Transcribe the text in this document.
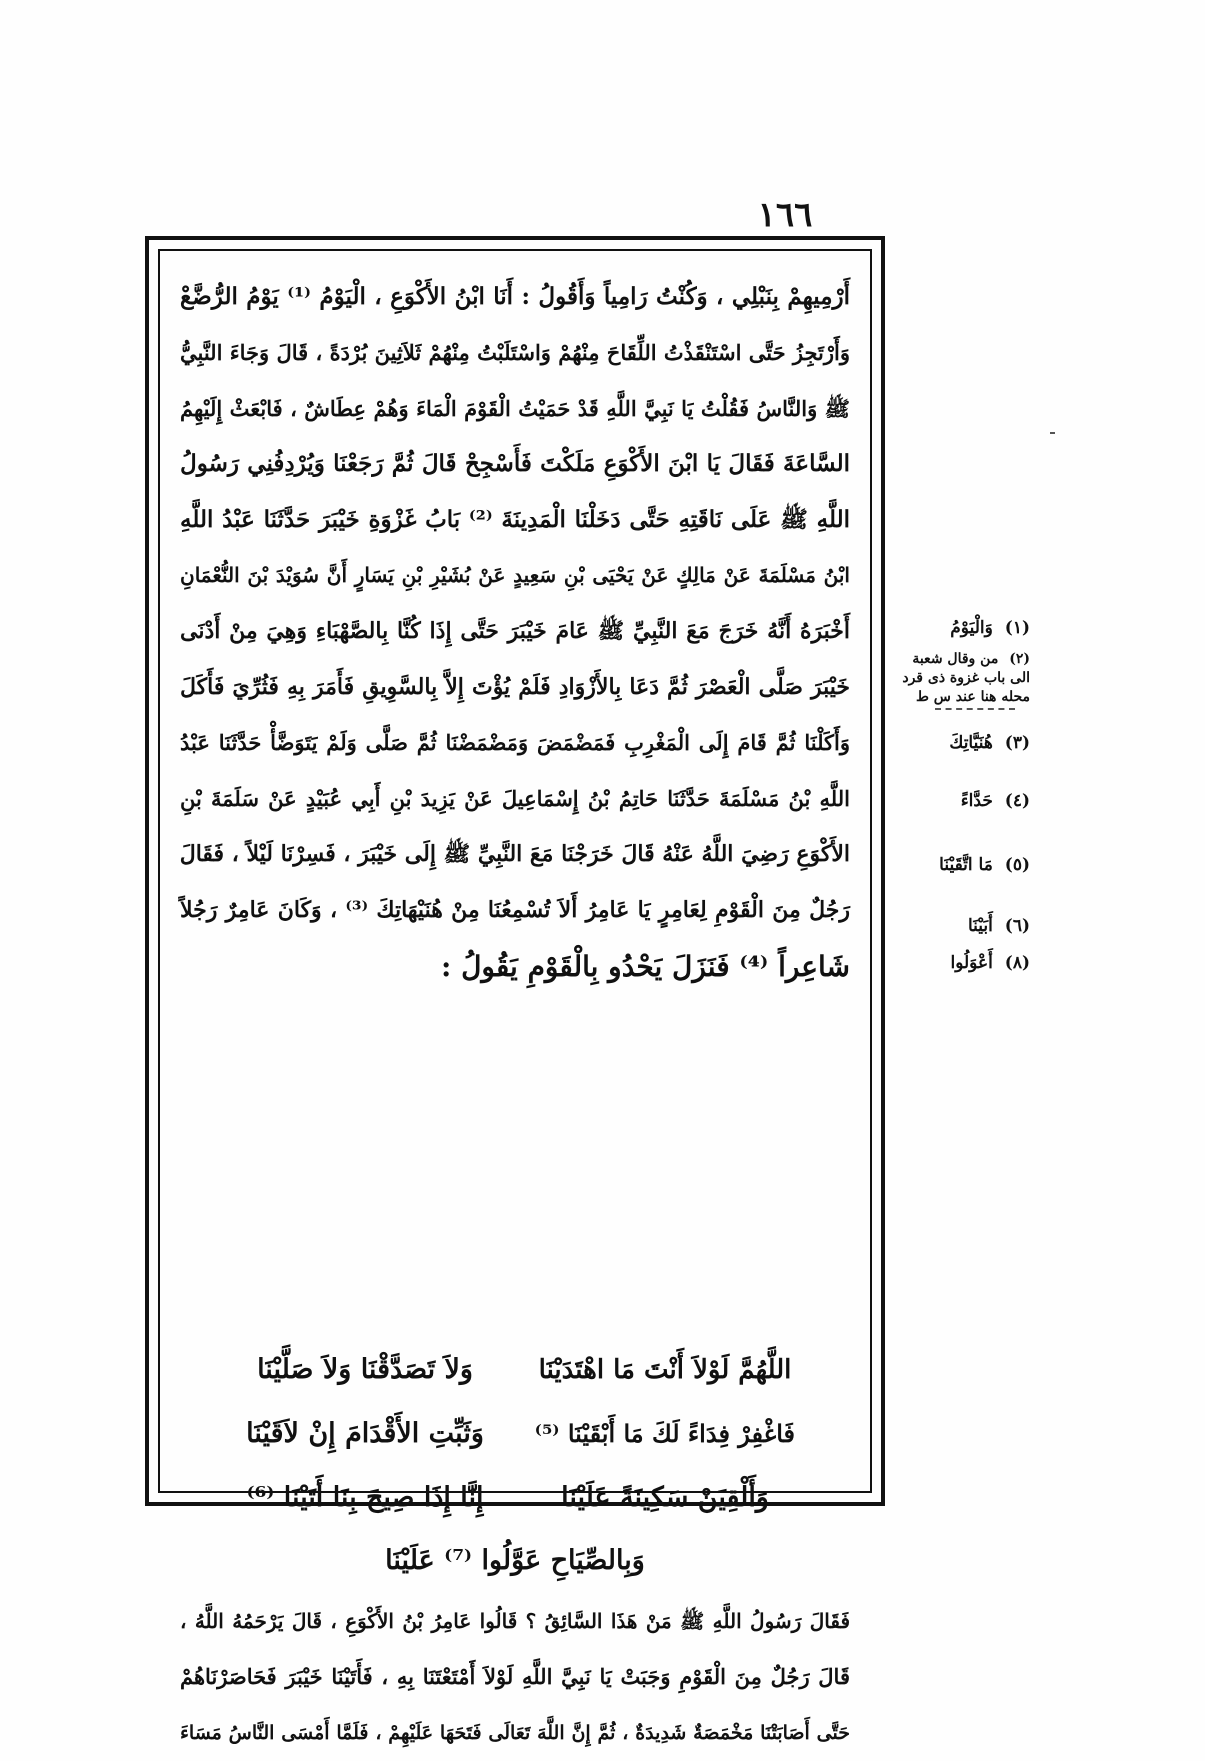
١٦٦
أَرْمِيهِمْ بِنَبْلِي ، وَكُنْتُ رَامِياً وَأَقُولُ : أَنَا ابْنُ الأَكْوَعِ ، الْيَوْمُ ⁽¹⁾ يَوْمُ الرُّضَّعْ
وَأَرْتَجِزُ حَتَّى اسْتَنْقَذْتُ اللِّقَاحَ مِنْهُمْ وَاسْتَلَبْتُ مِنْهُمْ ثَلاَثِينَ بُرْدَةً ، قَالَ وَجَاءَ النَّبِيُّ
ﷺ وَالنَّاسُ فَقُلْتُ يَا نَبِيَّ اللَّهِ قَدْ حَمَيْتُ الْقَوْمَ الْمَاءَ وَهُمْ عِطَاشٌ ، فَابْعَثْ إِلَيْهِمُ
السَّاعَةَ فَقَالَ يَا ابْنَ الأَكْوَعِ مَلَكْتَ فَأَسْجِحْ قَالَ ثُمَّ رَجَعْنَا وَيُرْدِفُنِي رَسُولُ
اللَّهِ ﷺ عَلَى نَاقَتِهِ حَتَّى دَخَلْنَا الْمَدِينَةَ ⁽²⁾ بَابُ غَزْوَةِ خَيْبَرَ حَدَّثَنَا عَبْدُ اللَّهِ
ابْنُ مَسْلَمَةَ عَنْ مَالِكٍ عَنْ يَحْيَى بْنِ سَعِيدٍ عَنْ بُشَيْرِ بْنِ يَسَارٍ أَنَّ سُوَيْدَ بْنَ النُّعْمَانِ
أَخْبَرَهُ أَنَّهُ خَرَجَ مَعَ النَّبِيِّ ﷺ عَامَ خَيْبَرَ حَتَّى إِذَا كُنَّا بِالصَّهْبَاءِ وَهِيَ مِنْ أَدْنَى
خَيْبَرَ صَلَّى الْعَصْرَ ثُمَّ دَعَا بِالأَزْوَادِ فَلَمْ يُؤْتَ إِلاَّ بِالسَّوِيقِ فَأَمَرَ بِهِ فَثُرِّيَ فَأَكَلَ
وَأَكَلْنَا ثُمَّ قَامَ إِلَى الْمَغْرِبِ فَمَضْمَضَ وَمَضْمَضْنَا ثُمَّ صَلَّى وَلَمْ يَتَوَضَّأْ حَدَّثَنَا عَبْدُ
اللَّهِ بْنُ مَسْلَمَةَ حَدَّثَنَا حَاتِمُ بْنُ إِسْمَاعِيلَ عَنْ يَزِيدَ بْنِ أَبِي عُبَيْدٍ عَنْ سَلَمَةَ بْنِ
الأَكْوَعِ رَضِيَ اللَّهُ عَنْهُ قَالَ خَرَجْنَا مَعَ النَّبِيِّ ﷺ إِلَى خَيْبَرَ ، فَسِرْنَا لَيْلاً ، فَقَالَ
رَجُلٌ مِنَ الْقَوْمِ لِعَامِرٍ يَا عَامِرُ أَلاَ تُسْمِعُنَا مِنْ هُنَيْهَاتِكَ ⁽³⁾ ، وَكَانَ عَامِرٌ رَجُلاً
شَاعِراً ⁽⁴⁾ فَنَزَلَ يَحْدُو بِالْقَوْمِ يَقُولُ :
اللَّهُمَّ لَوْلاَ أَنْتَ مَا اهْتَدَيْنَا
وَلاَ تَصَدَّقْنَا وَلاَ صَلَّيْنَا
فَاغْفِرْ فِدَاءً لَكَ مَا أَبْقَيْنَا ⁽⁵⁾
وَثَبِّتِ الأَقْدَامَ إِنْ لاَقَيْنَا
وَأَلْقِيَنْ سَكِينَةً عَلَيْنَا
إِنَّا إِذَا صِيحَ بِنَا أَتَيْنَا ⁽⁶⁾
وَبِالصِّيَاحِ عَوَّلُوا ⁽⁷⁾ عَلَيْنَا
فَقَالَ رَسُولُ اللَّهِ ﷺ مَنْ هَذَا السَّائِقُ ؟ قَالُوا عَامِرُ بْنُ الأَكْوَعِ ، قَالَ يَرْحَمُهُ اللَّهُ ،
قَالَ رَجُلٌ مِنَ الْقَوْمِ وَجَبَتْ يَا نَبِيَّ اللَّهِ لَوْلاَ أَمْتَعْتَنَا بِهِ ، فَأَتَيْنَا خَيْبَرَ فَحَاصَرْنَاهُمْ
حَتَّى أَصَابَتْنَا مَخْمَصَةٌ شَدِيدَةٌ ، ثُمَّ إِنَّ اللَّهَ تَعَالَى فَتَحَهَا عَلَيْهِمْ ، فَلَمَّا أَمْسَى النَّاسُ مَسَاءَ
(١) وَالْيَوْمُ
(٢) من وقال شعبة الى باب غزوة ذى قرد محله هنا عند س ط
(٣) هُنَيَّاتِكَ
(٤) حَدَّاءً
(٥) مَا اتَّقَيْنَا
(٦) أَبَيْنَا
(٨) أَعْوَلُوا
